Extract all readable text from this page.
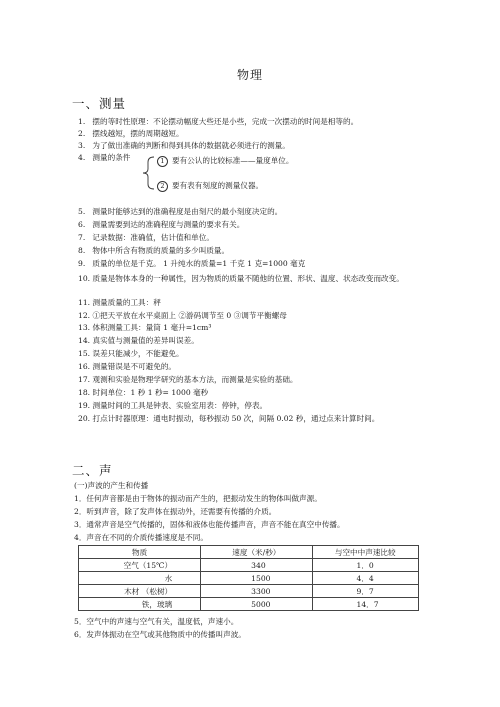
物理
一、测量
1. 摆的等时性原理：不论摆动幅度大些还是小些，完成一次摆动的时间是相等的。
2. 摆线越短，摆的周期越短。
3. 为了做出准确的判断和得到具体的数据就必须进行的测量。
4. 测量的条件	1 要有公认的比较标准——量度单位。
2 要有表有刻度的测量仪器。
5. 测量时能够达到的准确程度是由刻尺的最小刻度决定的。
6. 测量需要到达的准确程度与测量的要求有关。
7. 记录数据：准确值，估计值和单位。
8. 物体中所含有物质的质量的多少叫质量。
9. 质量的单位是千克。 1 升纯水的质量=1 千克 1 克=1000 毫克
10. 质量是物体本身的一种属性，因为物质的质量不随他的位置、形状、温度、状态改变而改变。
11. 测量质量的工具：秤
12. ①把天平放在水平桌面上 ②游码调节至 0 ③调节平衡螺母
13. 体积测量工具：量筒 1 毫升=1cm³
14. 真实值与测量值的差异叫误差。
15. 误差只能减少，不能避免。
16. 测量错误是不可避免的。
17. 观测和实验是物理学研究的基本方法，而测量是实验的基础。
18. 时间单位：1 秒 1 秒= 1000 毫秒
19. 测量时间的工具是钟表、实验室用表：停钟，停表。
20. 打点计时器原理：通电时振动，每秒振动 50 次，间隔 0.02 秒，通过点来计算时间。
二、声
(一)声波的产生和传播
1．任何声音都是由于物体的振动而产生的，把振动发生的物体叫做声源。
2．听到声音，除了发声体在振动外，还需要有传播的介质。
3．通常声音是空气传播的，固体和液体也能传播声音，声音不能在真空中传播。
4．声音在不同的介质传播速度是不同。
物质	速度（米/秒）	与空中中声速比较
空气（15℃）	340	1．0
水	1500	4．4
木材 （松树）	3300	9．7
铁，玻璃	5000	14．7
5．空气中的声速与空气有关，温度低，声速小。
6．发声体振动在空气或其他物质中的传播叫声波。
